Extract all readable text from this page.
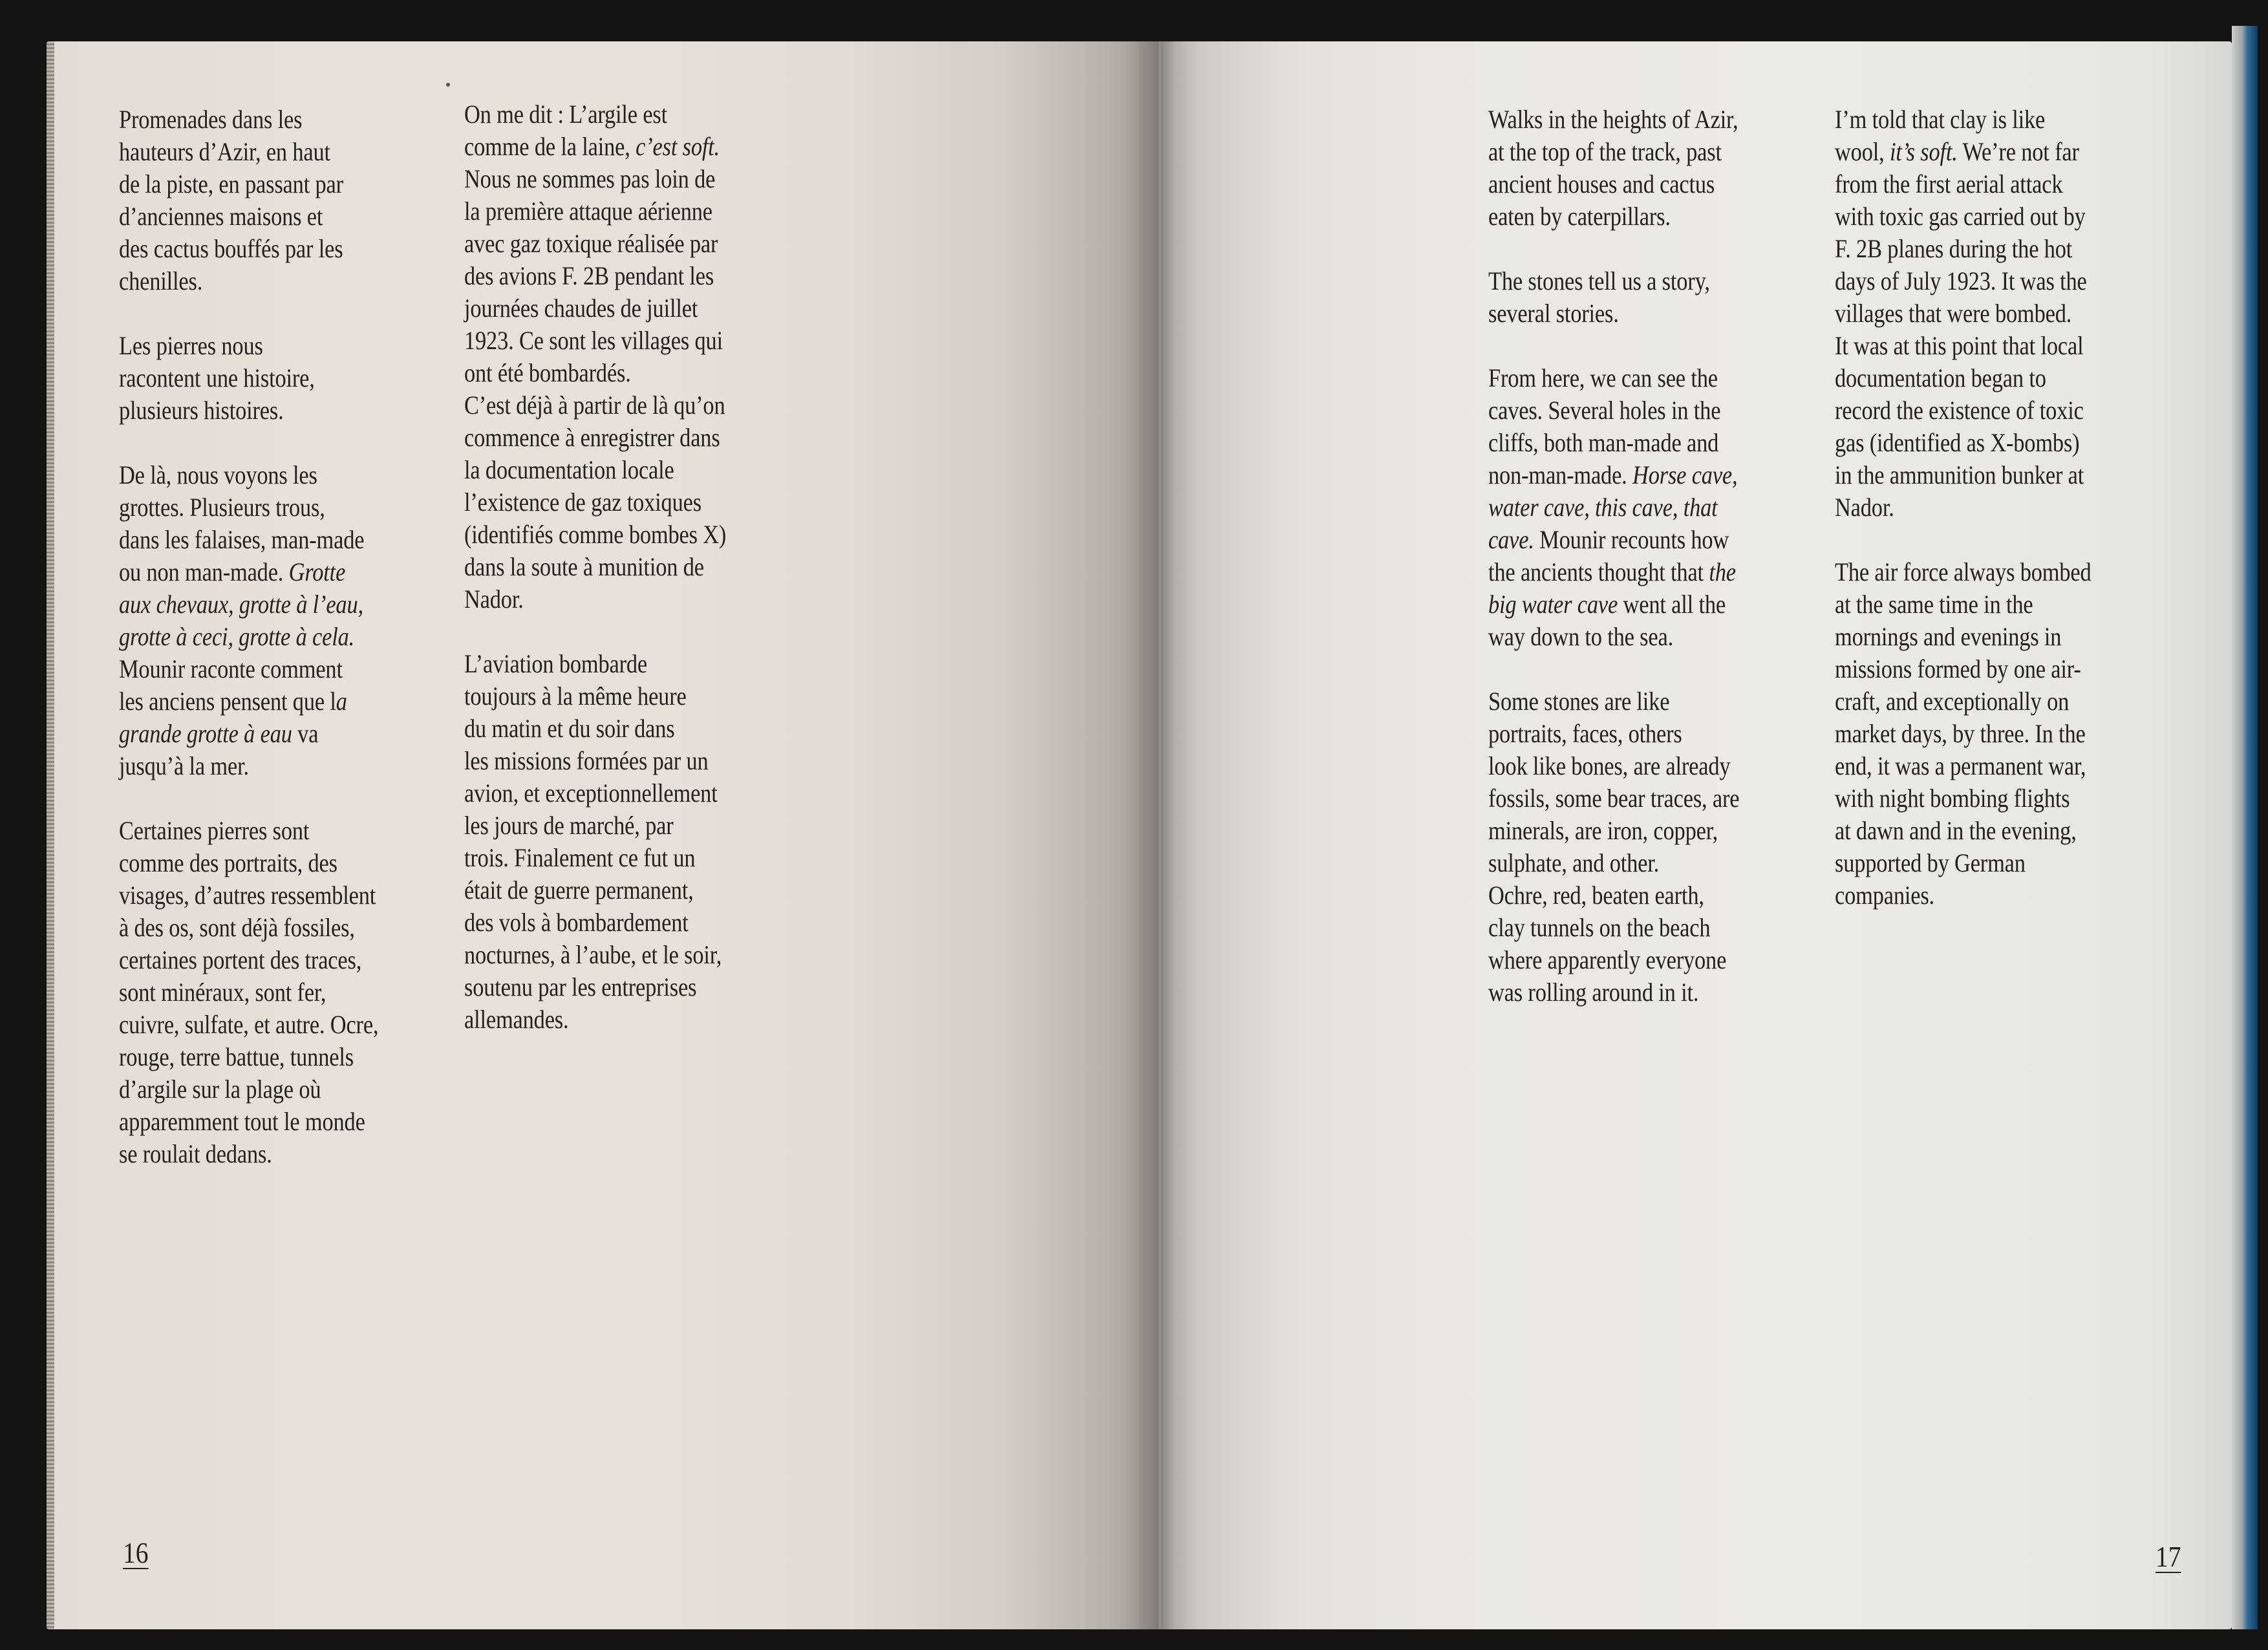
Promenades dans les
hauteurs d’Azir, en haut
de la piste, en passant par
d’anciennes maisons et
des cactus bouffés par les
chenilles.

Les pierres nous
racontent une histoire,
plusieurs histoires.

De là, nous voyons les
grottes. Plusieurs trous,
dans les falaises, man-made
ou non man-made. Grotte
aux chevaux, grotte à l’eau,
grotte à ceci, grotte à cela.
Mounir raconte comment
les anciens pensent que la
grande grotte à eau va
jusqu’à la mer.

Certaines pierres sont
comme des portraits, des
visages, d’autres ressemblent
à des os, sont déjà fossiles,
certaines portent des traces,
sont minéraux, sont fer,
cuivre, sulfate, et autre. Ocre,
rouge, terre battue, tunnels
d’argile sur la plage où
apparemment tout le monde
se roulait dedans.

On me dit : L’argile est
comme de la laine, c’est soft.
Nous ne sommes pas loin de
la première attaque aérienne
avec gaz toxique réalisée par
des avions F. 2B pendant les
journées chaudes de juillet
1923. Ce sont les villages qui
ont été bombardés.
C’est déjà à partir de là qu’on
commence à enregistrer dans
la documentation locale
l’existence de gaz toxiques
(identifiés comme bombes X)
dans la soute à munition de
Nador.

L’aviation bombarde
toujours à la même heure
du matin et du soir dans
les missions formées par un
avion, et exceptionnellement
les jours de marché, par
trois. Finalement ce fut un
était de guerre permanent,
des vols à bombardement
nocturnes, à l’aube, et le soir,
soutenu par les entreprises
allemandes.

Walks in the heights of Azir,
at the top of the track, past
ancient houses and cactus
eaten by caterpillars.

The stones tell us a story,
several stories.

From here, we can see the
caves. Several holes in the
cliffs, both man-made and
non-man-made. Horse cave,
water cave, this cave, that
cave. Mounir recounts how
the ancients thought that the
big water cave went all the
way down to the sea.

Some stones are like
portraits, faces, others
look like bones, are already
fossils, some bear traces, are
minerals, are iron, copper,
sulphate, and other.
Ochre, red, beaten earth,
clay tunnels on the beach
where apparently everyone
was rolling around in it.

I’m told that clay is like
wool, it’s soft. We’re not far
from the first aerial attack
with toxic gas carried out by
F. 2B planes during the hot
days of July 1923. It was the
villages that were bombed.
It was at this point that local
documentation began to
record the existence of toxic
gas (identified as X-bombs)
in the ammunition bunker at
Nador.

The air force always bombed
at the same time in the
mornings and evenings in
missions formed by one air-
craft, and exceptionally on
market days, by three. In the
end, it was a permanent war,
with night bombing flights
at dawn and in the evening,
supported by German
companies.

16	17
